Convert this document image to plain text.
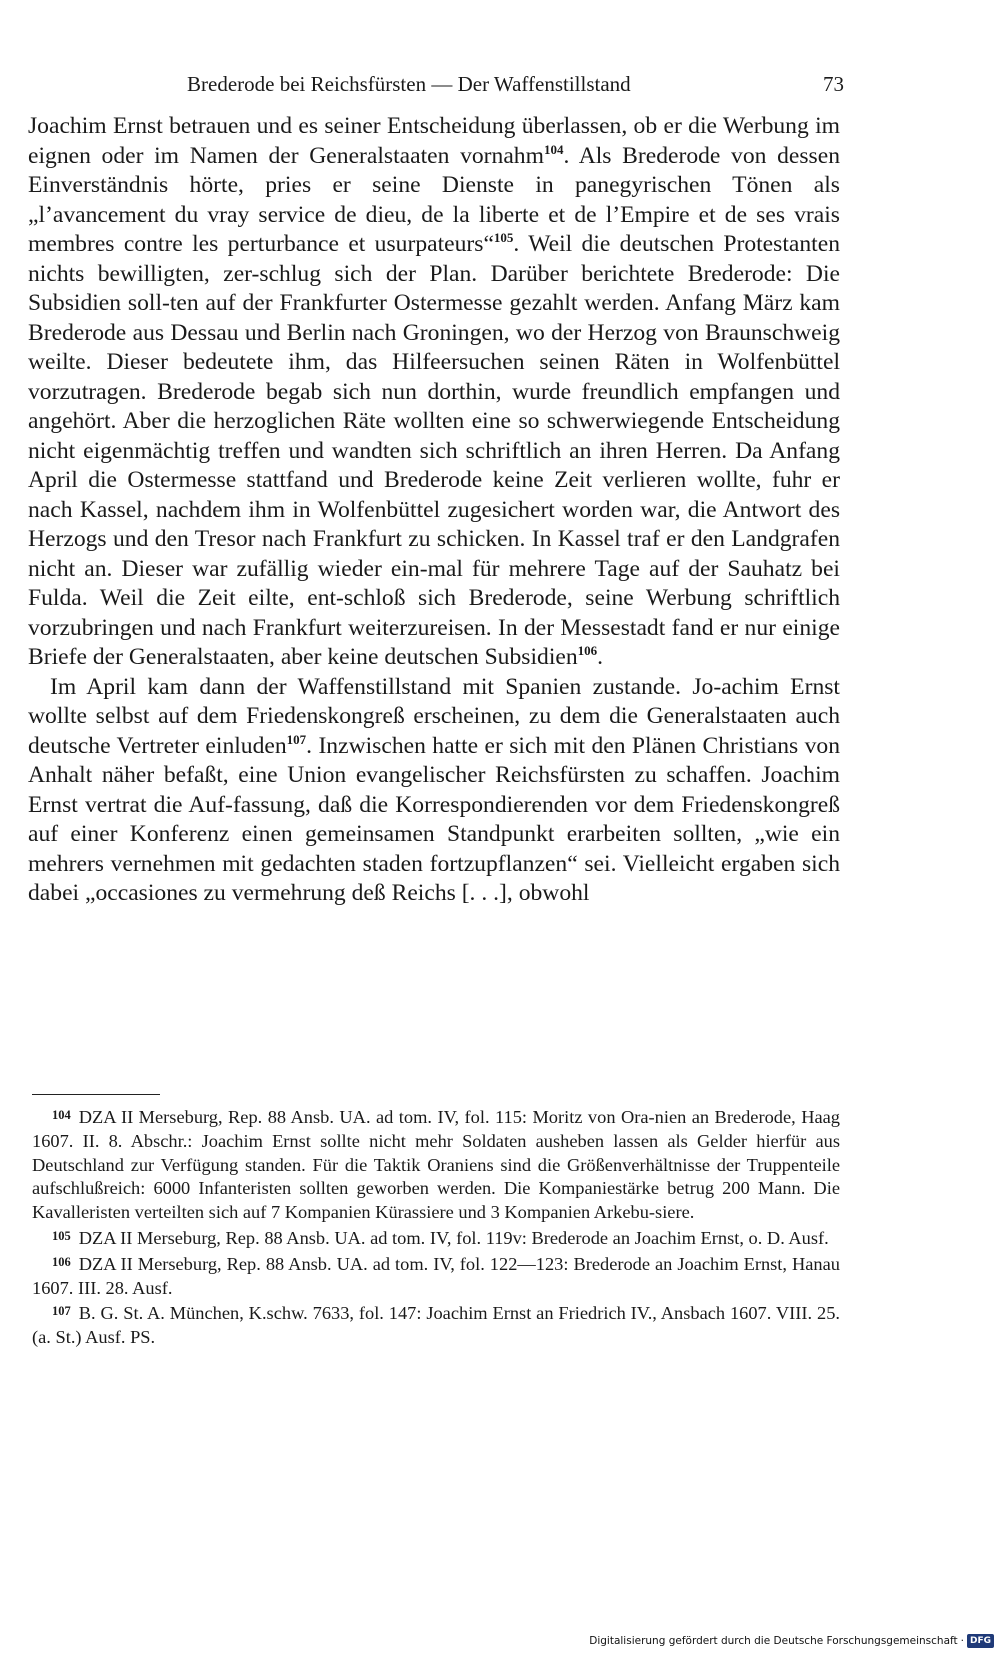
Brederode bei Reichsfürsten — Der Waffenstillstand	73

Joachim Ernst betrauen und es seiner Entscheidung überlassen, ob er die Werbung im eignen oder im Namen der Generalstaaten vornahm$^{104}$. Als Brederode von dessen Einverständnis hörte, pries er seine Dienste in panegyrischen Tönen als „l’avancement du vray service de dieu, de la liberte et de l’Empire et de ses vrais membres contre les perturbance et usurpateurs“$^{105}$. Weil die deutschen Protestanten nichts bewilligten, zer-schlug sich der Plan. Darüber berichtete Brederode: Die Subsidien soll-ten auf der Frankfurter Ostermesse gezahlt werden. Anfang März kam Brederode aus Dessau und Berlin nach Groningen, wo der Herzog von Braunschweig weilte. Dieser bedeutete ihm, das Hilfeersuchen seinen Räten in Wolfenbüttel vorzutragen. Brederode begab sich nun dorthin, wurde freundlich empfangen und angehört. Aber die herzoglichen Räte wollten eine so schwerwiegende Entscheidung nicht eigenmächtig treffen und wandten sich schriftlich an ihren Herren. Da Anfang April die Ostermesse stattfand und Brederode keine Zeit verlieren wollte, fuhr er nach Kassel, nachdem ihm in Wolfenbüttel zugesichert worden war, die Antwort des Herzogs und den Tresor nach Frankfurt zu schicken. In Kassel traf er den Landgrafen nicht an. Dieser war zufällig wieder ein-mal für mehrere Tage auf der Sauhatz bei Fulda. Weil die Zeit eilte, ent-schloß sich Brederode, seine Werbung schriftlich vorzubringen und nach Frankfurt weiterzureisen. In der Messestadt fand er nur einige Briefe der Generalstaaten, aber keine deutschen Subsidien$^{106}$.

Im April kam dann der Waffenstillstand mit Spanien zustande. Jo-achim Ernst wollte selbst auf dem Friedenskongreß erscheinen, zu dem die Generalstaaten auch deutsche Vertreter einluden$^{107}$. Inzwischen hatte er sich mit den Plänen Christians von Anhalt näher befaßt, eine Union evangelischer Reichsfürsten zu schaffen. Joachim Ernst vertrat die Auf-fassung, daß die Korrespondierenden vor dem Friedenskongreß auf einer Konferenz einen gemeinsamen Standpunkt erarbeiten sollten, „wie ein mehrers vernehmen mit gedachten staden fortzupflanzen“ sei. Vielleicht ergaben sich dabei „occasiones zu vermehrung deß Reichs [. . .], obwohl

$^{104}$ DZA II Merseburg, Rep. 88 Ansb. UA. ad tom. IV, fol. 115: Moritz von Ora-nien an Brederode, Haag 1607. II. 8. Abschr.: Joachim Ernst sollte nicht mehr Soldaten ausheben lassen als Gelder hierfür aus Deutschland zur Verfügung standen. Für die Taktik Oraniens sind die Größenverhältnisse der Truppenteile aufschlußreich: 6000 Infanteristen sollten geworben werden. Die Kompaniestärke betrug 200 Mann. Die Kavalleristen verteilten sich auf 7 Kompanien Kürassiere und 3 Kompanien Arkebu-siere.

$^{105}$ DZA II Merseburg, Rep. 88 Ansb. UA. ad tom. IV, fol. 119v: Brederode an Joachim Ernst, o. D. Ausf.

$^{106}$ DZA II Merseburg, Rep. 88 Ansb. UA. ad tom. IV, fol. 122—123: Brederode an Joachim Ernst, Hanau 1607. III. 28. Ausf.

$^{107}$ B. G. St. A. München, K.schw. 7633, fol. 147: Joachim Ernst an Friedrich IV., Ansbach 1607. VIII. 25. (a. St.) Ausf. PS.

Digitalisierung gefördert durch die Deutsche Forschungsgemeinschaft · DFG
